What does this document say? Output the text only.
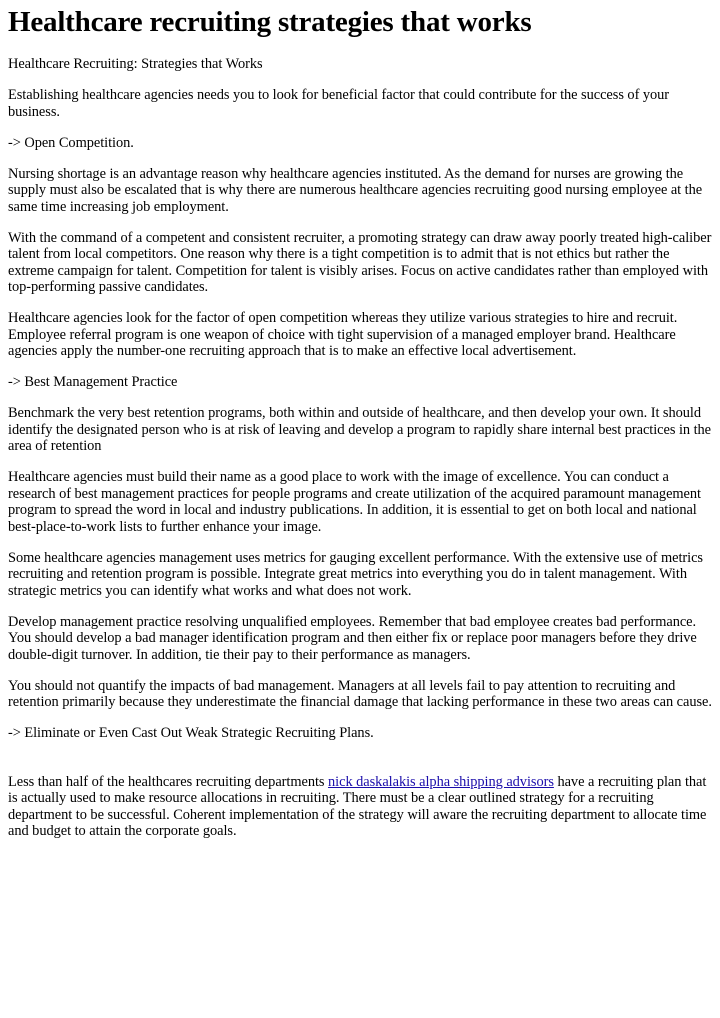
Healthcare recruiting strategies that works

Healthcare Recruiting: Strategies that Works

Establishing healthcare agencies needs you to look for beneficial factor that could contribute for the success of your business.

-> Open Competition.

Nursing shortage is an advantage reason why healthcare agencies instituted. As the demand for nurses are growing the supply must also be escalated that is why there are numerous healthcare agencies recruiting good nursing employee at the same time increasing job employment.

With the command of a competent and consistent recruiter, a promoting strategy can draw away poorly treated high-caliber talent from local competitors. One reason why there is a tight competition is to admit that is not ethics but rather the extreme campaign for talent. Competition for talent is visibly arises. Focus on active candidates rather than employed with top-performing passive candidates.

Healthcare agencies look for the factor of open competition whereas they utilize various strategies to hire and recruit. Employee referral program is one weapon of choice with tight supervision of a managed employer brand. Healthcare agencies apply the number-one recruiting approach that is to make an effective local advertisement.

-> Best Management Practice

Benchmark the very best retention programs, both within and outside of healthcare, and then develop your own. It should identify the designated person who is at risk of leaving and develop a program to rapidly share internal best practices in the area of retention

Healthcare agencies must build their name as a good place to work with the image of excellence. You can conduct a research of best management practices for people programs and create utilization of the acquired paramount management program to spread the word in local and industry publications. In addition, it is essential to get on both local and national best-place-to-work lists to further enhance your image.

Some healthcare agencies management uses metrics for gauging excellent performance. With the extensive use of metrics recruiting and retention program is possible. Integrate great metrics into everything you do in talent management. With strategic metrics you can identify what works and what does not work.

Develop management practice resolving unqualified employees. Remember that bad employee creates bad performance. You should develop a bad manager identification program and then either fix or replace poor managers before they drive double-digit turnover. In addition, tie their pay to their performance as managers.

You should not quantify the impacts of bad management. Managers at all levels fail to pay attention to recruiting and retention primarily because they underestimate the financial damage that lacking performance in these two areas can cause.

-> Eliminate or Even Cast Out Weak Strategic Recruiting Plans.

Less than half of the healthcares recruiting departments nick daskalakis alpha shipping advisors have a recruiting plan that is actually used to make resource allocations in recruiting. There must be a clear outlined strategy for a recruiting department to be successful. Coherent implementation of the strategy will aware the recruiting department to allocate time and budget to attain the corporate goals.
